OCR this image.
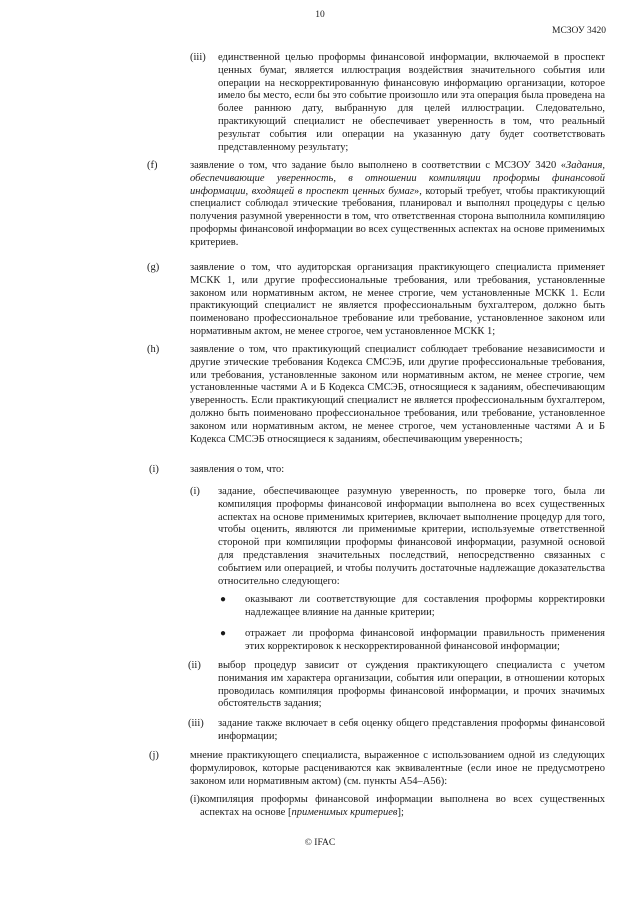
10
МСЗОУ 3420
(iii) единственной целью проформы финансовой информации, включаемой в проспект ценных бумаг, является иллюстрация воздействия значительного события или операции на нескорректированную финансовую информацию организации, которое имело бы место, если бы это событие произошло или эта операция была проведена на более раннюю дату, выбранную для целей иллюстрации. Следовательно, практикующий специалист не обеспечивает уверенность в том, что реальный результат события или операции на указанную дату будет соответствовать представленному результату;
(f)	заявление о том, что задание было выполнено в соответствии с МСЗОУ 3420 «Задания, обеспечивающие уверенность, в отношении компиляции проформы финансовой информации, входящей в проспект ценных бумаг», который требует, чтобы практикующий специалист соблюдал этические требования, планировал и выполнял процедуры с целью получения разумной уверенности в том, что ответственная сторона выполнила компиляцию проформы финансовой информации во всех существенных аспектах на основе применимых критериев.
(g)	заявление о том, что аудиторская организация практикующего специалиста применяет МСКК 1, или другие профессиональные требования, или требования, установленные законом или нормативным актом, не менее строгие, чем установленные МСКК 1. Если практикующий специалист не является профессиональным бухгалтером, должно быть поименовано профессиональное требование или требование, установленное законом или нормативным актом, не менее строгое, чем установленное МСКК 1;
(h)	заявление о том, что практикующий специалист соблюдает требование независимости и другие этические требования Кодекса СМСЭБ, или другие профессиональные требования, или требования, установленные законом или нормативным актом, не менее строгие, чем установленные частями А и Б Кодекса СМСЭБ, относящиеся к заданиям, обеспечивающим уверенность. Если практикующий специалист не является профессиональным бухгалтером, должно быть поименовано профессиональное требования, или требование, установленное законом или нормативным актом, не менее строгое, чем установленные частями А и Б Кодекса СМСЭБ относящиеся к заданиям, обеспечивающим уверенность;
(i)	заявления о том, что:
(i) задание, обеспечивающее разумную уверенность, по проверке того, была ли компиляция проформы финансовой информации выполнена во всех существенных аспектах на основе применимых критериев, включает выполнение процедур для того, чтобы оценить, являются ли применимые критерии, используемые ответственной стороной при компиляции проформы финансовой информации, разумной основой для представления значительных последствий, непосредственно связанных с событием или операцией, и чтобы получить достаточные надлежащие доказательства относительно следующего:
● оказывают ли соответствующие для составления проформы корректировки надлежащее влияние на данные критерии;
● отражает ли проформа финансовой информации правильность применения этих корректировок к нескорректированной финансовой информации;
(ii) выбор процедур зависит от суждения практикующего специалиста с учетом понимания им характера организации, события или операции, в отношении которых проводилась компиляция проформы финансовой информации, и прочих значимых обстоятельств задания;
(iii) задание также включает в себя оценку общего представления проформы финансовой информации;
(j)	мнение практикующего специалиста, выраженное с использованием одной из следующих формулировок, которые расцениваются как эквивалентные (если иное не предусмотрено законом или нормативным актом) (см. пункты А54–А56):
(i) компиляция проформы финансовой информации выполнена во всех существенных аспектах на основе [применимых критериев];
© IFAC
